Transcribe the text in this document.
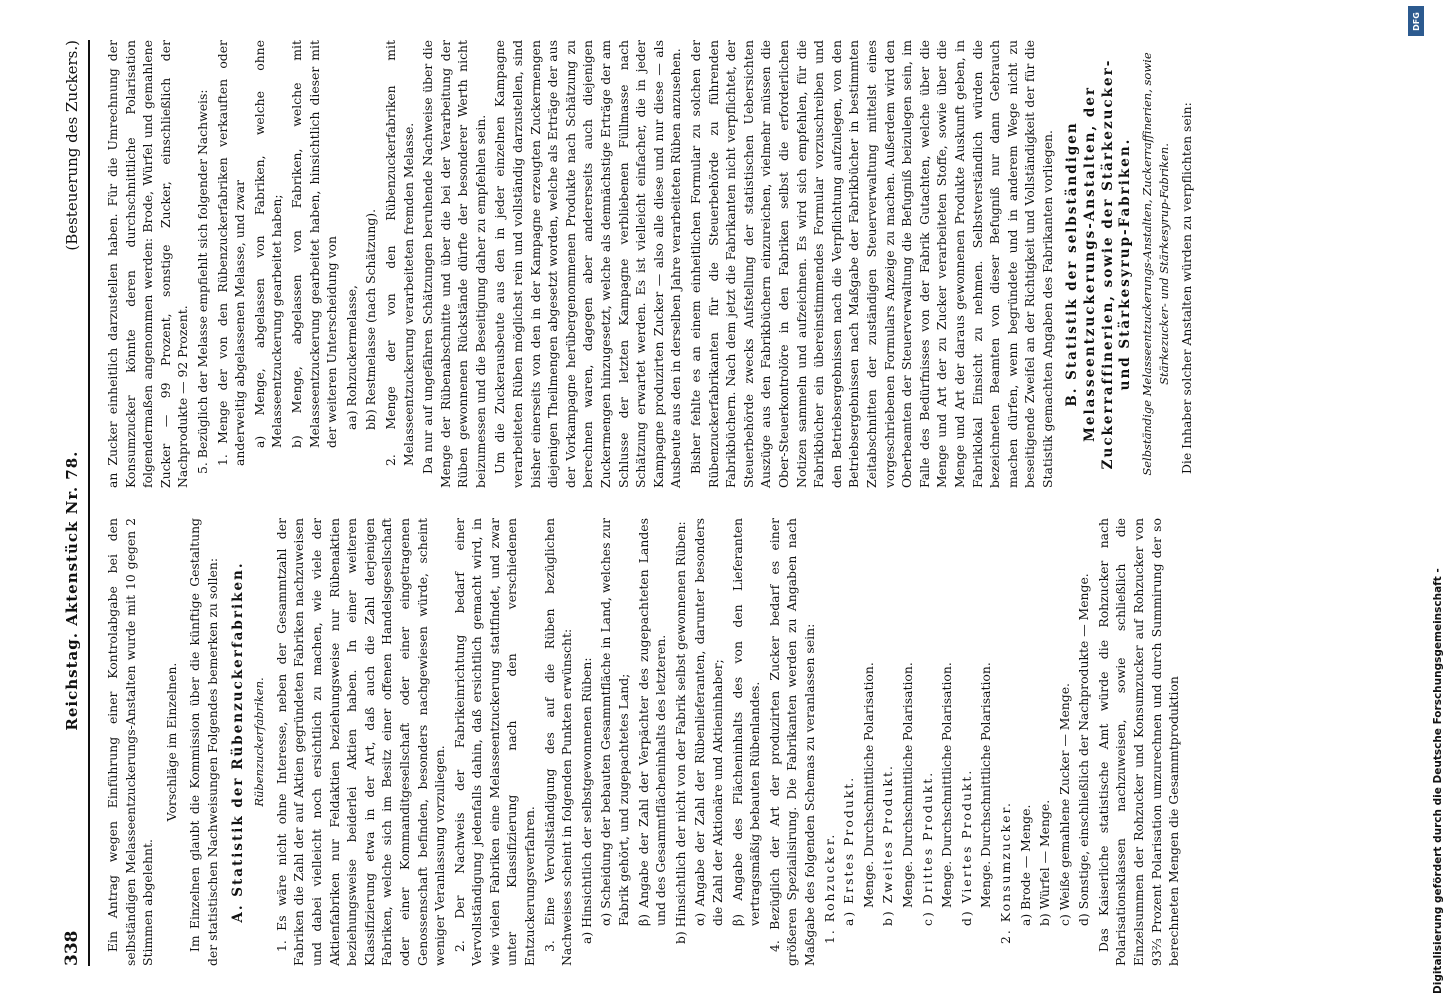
338
Reichstag. Aktenstück Nr. 78.
(Besteuerung des Zuckers.)

Ein Antrag wegen Einführung einer Kontrolabgabe bei den selbständigen Melasseentzuckerungs-Anstalten wurde mit 10 gegen 2 Stimmen abgelehnt.

Vorschläge im Einzelnen. Im Einzelnen glaubt die Kommission über die künftige Gestaltung der statistischen Nachweisungen Folgendes bemerken zu sollen: A. Statistik der Rübenzuckerfabriken. Rübenzuckerfabriken. 1. Es wäre nicht ohne Interesse, neben der Gesammtzahl der Fabriken die Zahl der auf Aktien gegründeten Fabriken nachzuweisen und dabei vielleicht noch ersichtlich zu machen, wie viele der Aktienfabriken nur Feldaktien beziehungsweise nur Rübenaktien beziehungsweise beiderlei Aktien haben. In einer weiteren Klassifizierung etwa in der Art, daß auch die Zahl derjenigen Fabriken, welche sich im Besitz einer offenen Handelsgesellschaft oder einer Kommanditgesellschaft oder einer eingetragenen Genossenschaft befinden, besonders nachgewiesen würde, scheint weniger Veranlassung vorzuliegen. 2. Der Nachweis der Fabrikeinrichtung bedarf einer Vervollständigung jedenfalls dahin, daß ersichtlich gemacht wird, in wie vielen Fabriken eine Melasseentzuckerung stattfindet, und zwar unter Klassifizierung nach den verschiedenen Entzuckerungsverfahren. 3. Eine Vervollständigung des auf die Rüben bezüglichen Nachweises scheint in folgenden Punkten erwünscht: a) Hinsichtlich der selbstgewonnenen Rüben: α) Scheidung der bebauten Gesammtfläche in Land, welches zur Fabrik gehört, und zugepachtetes Land; β) Angabe der Zahl der Verpächter des zugepachteten Landes und des Gesammtflächeninhalts des letzteren. b) Hinsichtlich der nicht von der Fabrik selbst gewonnenen Rüben: α) Angabe der Zahl der Rübenlieferanten, darunter besonders die Zahl der Aktionäre und Aktieninhaber; β) Angabe des Flächeninhalts des von den Lieferanten vertragsmäßig bebauten Rübenlandes. 4. Bezüglich der Art der produzirten Zucker bedarf es einer größeren Spezialisirung. Die Fabrikanten werden zu Angaben nach Maßgabe des folgenden Schemas zu veranlassen sein: 1. Rohzucker. a) Erstes Produkt. Menge. Durchschnittliche Polarisation. b) Zweites Produkt. Menge. Durchschnittliche Polarisation. c) Drittes Produkt. Menge. Durchschnittliche Polarisation. d) Viertes Produkt. Menge. Durchschnittliche Polarisation. 2. Konsumzucker. a) Brode — Menge. b) Würfel — Menge. c) Weiße gemahlene Zucker — Menge. d) Sonstige, einschließlich der Nachprodukte — Menge. Das Kaiserliche statistische Amt würde die Rohzucker nach Polarisationsklassen nachzuweisen, sowie schließlich die Einzelsummen der Rohzucker und Konsumzucker auf Rohzucker von 93⅔ Prozent Polarisation umzurechnen und durch Summirung der so berechneten Mengen die Gesammtproduktion

an Zucker einheitlich darzustellen haben. Für die Umrechnung der Konsumzucker könnte deren durchschnittliche Polarisation folgendermaßen angenommen werden: Brode, Würfel und gemahlene Zucker — 99 Prozent, sonstige Zucker, einschließlich der Nachprodukte — 92 Prozent. 5. Bezüglich der Melasse empfiehlt sich folgender Nachweis: 1. Menge der von den Rübenzuckerfabriken verkauften oder anderweitig abgelassenen Melasse, und zwar a) Menge, abgelassen von Fabriken, welche ohne Melasseentzuckerung gearbeitet haben; b) Menge, abgelassen von Fabriken, welche mit Melasseentzuckerung gearbeitet haben, hinsichtlich dieser mit der weiteren Unterscheidung von aa) Rohzuckermelasse, bb) Restmelasse (nach Schätzung). 2. Menge der von den Rübenzuckerfabriken mit Melasseentzuckerung verarbeiteten fremden Melasse. Da nur auf ungefähren Schätzungen beruhende Nachweise über die Menge der Rübenabschnitte und über die bei der Verarbeitung der Rüben gewonnenen Rückstände dürfte der besonderer Werth nicht beizumessen und die Beseitigung daher zu empfehlen sein. Um die Zuckerausbeute aus den in jeder einzelnen Kampagne verarbeiteten Rüben möglichst rein und vollständig darzustellen, sind bisher einerseits von den in der Kampagne erzeugten Zuckermengen diejenigen Theilmengen abgesetzt worden, welche als Erträge der aus der Vorkampagne herübergenommenen Produkte nach Schätzung zu berechnen waren, dagegen aber andererseits auch diejenigen Zuckermengen hinzugesetzt, welche als demnächstige Erträge der am Schlusse der letzten Kampagne verbliebenen Füllmasse nach Schätzung erwartet werden. Es ist vielleicht einfacher, die in jeder Kampagne produzirten Zucker — also alle diese und nur diese — als Ausbeute aus den in derselben Jahre verarbeiteten Rüben anzusehen. Bisher fehlte es an einem einheitlichen Formular zu solchen der Rübenzuckerfabrikanten für die Steuerbehörde zu führenden Fabrikbüchern. Nach dem jetzt die Fabrikanten nicht verpflichtet, der Steuerbehörde zwecks Aufstellung der statistischen Uebersichten Auszüge aus den Fabrikbüchern einzureichen, vielmehr müssen die Ober-Steuerkontrolöre in den Fabriken selbst die erforderlichen Notizen sammeln und aufzeichnen. Es wird sich empfehlen, für die Fabrikbücher ein übereinstimmendes Formular vorzuschreiben und den Betriebsergebnissen nach die Verpflichtung aufzulegen, von den Betriebsergebnissen nach Maßgabe der Fabrikbücher in bestimmten Zeitabschnitten der zuständigen Steuerverwaltung mittelst eines vorgeschriebenen Formulars Anzeige zu machen. Außerdem wird den Oberbeamten der Steuerverwaltung die Befugniß beizulegen sein, im Falle des Bedürfnisses von der Fabrik Gutachten, welche über die Menge und Art der zu Zucker verarbeiteten Stoffe, sowie über die Menge und Art der daraus gewonnenen Produkte Auskunft geben, in Fabriklokal Einsicht zu nehmen. Selbstverständlich würden die bezeichneten Beamten von dieser Befugniß nur dann Gebrauch machen dürfen, wenn begründete und in anderem Wege nicht zu beseitigende Zweifel an der Richtigkeit und Vollständigkeit der für die Statistik gemachten Angaben des Fabrikanten vorliegen. B. Statistik der selbständigen Melasseentzuckerungs-Anstalten, der Zuckerraffinerien, sowie der Stärkezucker- und Stärkesyrup-Fabriken. Selbständige Melasseentzuckerungs-Anstalten, Zuckerraffinerien, sowie Stärkezucker- und Stärkesyrup-Fabriken. Die Inhaber solcher Anstalten würden zu verpflichten sein:

Digitalisierung gefördert durch die Deutsche Forschungsgemeinschaft -
DFG
